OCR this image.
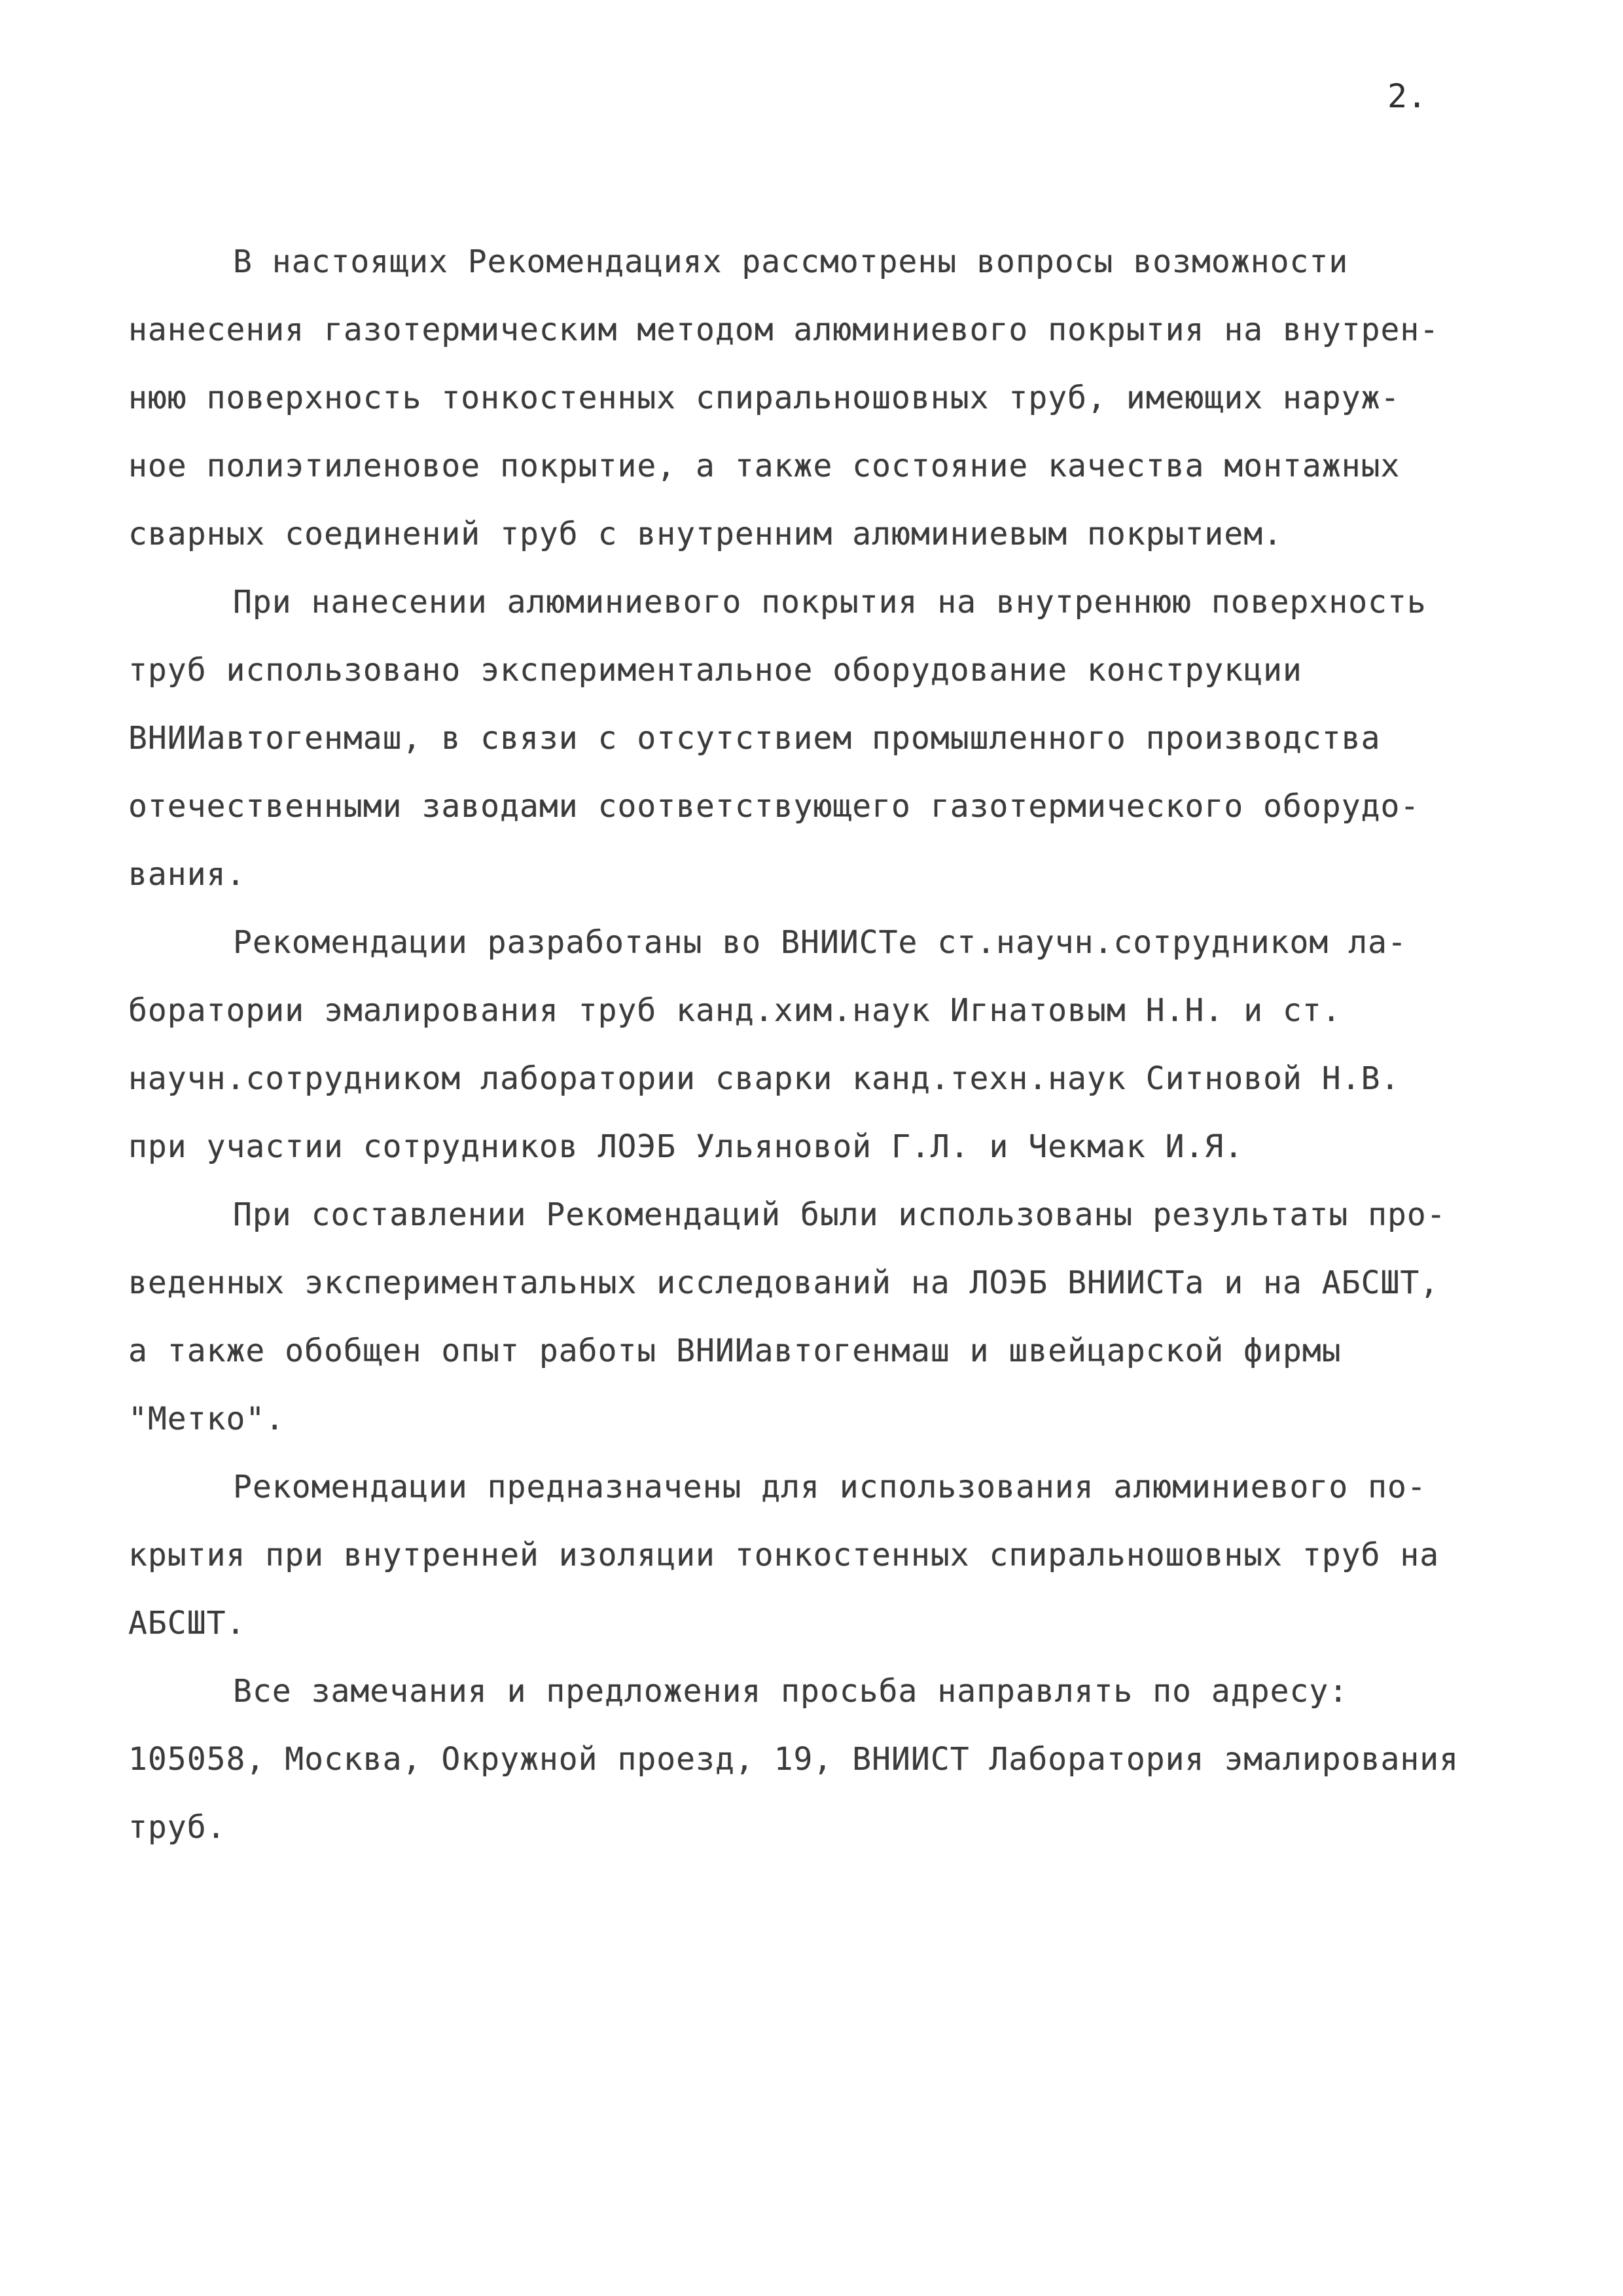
2.
В настоящих Рекомендациях рассмотрены вопросы возможности
нанесения газотермическим методом алюминиевого покрытия на внутрен-
нюю поверхность тонкостенных спиральношовных труб, имеющих наруж-
ное полиэтиленовое покрытие, а также состояние качества монтажных
сварных соединений труб с внутренним алюминиевым покрытием.
При нанесении алюминиевого покрытия на внутреннюю поверхность
труб использовано экспериментальное оборудование конструкции
ВНИИавтогенмаш, в связи с отсутствием промышленного производства
отечественными заводами соответствующего газотермического оборудо-
вания.
Рекомендации разработаны во ВНИИСТе ст.научн.сотрудником ла-
боратории эмалирования труб канд.хим.наук Игнатовым Н.Н. и ст.
научн.сотрудником лаборатории сварки канд.техн.наук Ситновой Н.В.
при участии сотрудников ЛОЭБ Ульяновой Г.Л. и Чекмак И.Я.
При составлении Рекомендаций были использованы результаты про-
веденных экспериментальных исследований на ЛОЭБ ВНИИСТа и на АБСШТ,
а также обобщен опыт работы ВНИИавтогенмаш и швейцарской фирмы
"Метко".
Рекомендации предназначены для использования алюминиевого по-
крытия при внутренней изоляции тонкостенных спиральношовных труб на
АБСШТ.
Все замечания и предложения просьба направлять по адресу:
105058, Москва, Окружной проезд, 19, ВНИИСТ Лаборатория эмалирования
труб.
